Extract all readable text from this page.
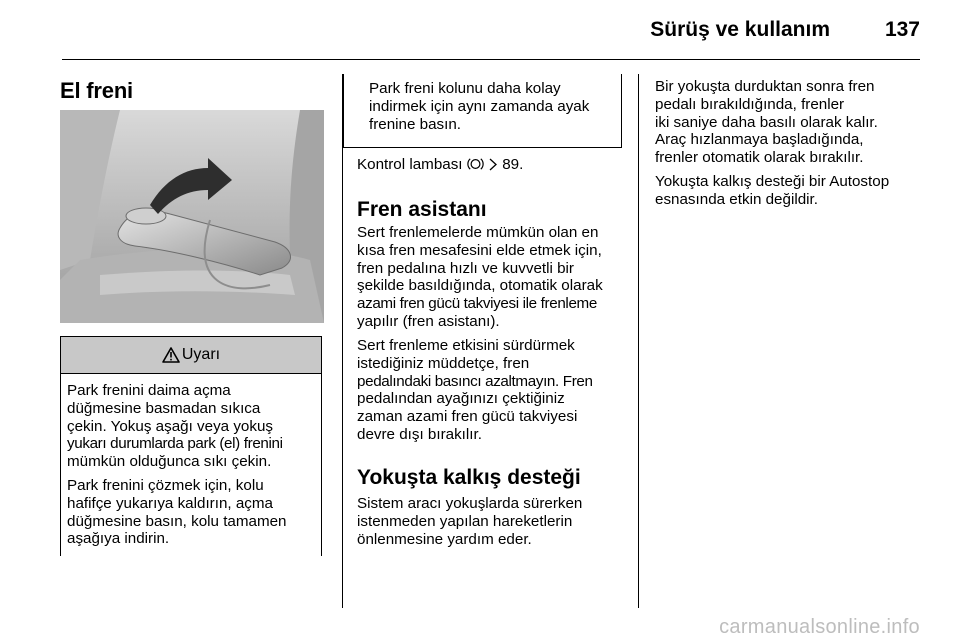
Sürüş ve kullanım	137
El freni
Uyarı

Park frenini daima açma
düğmesine basmadan sıkıca
çekin. Yokuş aşağı veya yokuş
yukarı durumlarda park (el) frenini
mümkün olduğunca sıkı çekin.

Park frenini çözmek için, kolu
hafifçe yukarıya kaldırın, açma
düğmesine basın, kolu tamamen
aşağıya indirin.

Park freni kolunu daha kolay
indirmek için aynı zamanda ayak
frenine basın.

Kontrol lambası	89.

Fren asistanı

Sert frenlemelerde mümkün olan en
kısa fren mesafesini elde etmek için,
fren pedalına hızlı ve kuvvetli bir
şekilde basıldığında, otomatik olarak
azami fren gücü takviyesi ile frenleme
yapılır (fren asistanı).

Sert frenleme etkisini sürdürmek
istediğiniz müddetçe, fren
pedalındaki basıncı azaltmayın. Fren
pedalından ayağınızı çektiğiniz
zaman azami fren gücü takviyesi
devre dışı bırakılır.

Yokuşta kalkış desteği

Sistem aracı yokuşlarda sürerken
istenmeden yapılan hareketlerin
önlenmesine yardım eder.

Bir yokuşta durduktan sonra fren
pedalı bırakıldığında, frenler
iki saniye daha basılı olarak kalır.
Araç hızlanmaya başladığında,
frenler otomatik olarak bırakılır.

Yokuşta kalkış desteği bir Autostop
esnasında etkin değildir.

carmanualsonline.info
